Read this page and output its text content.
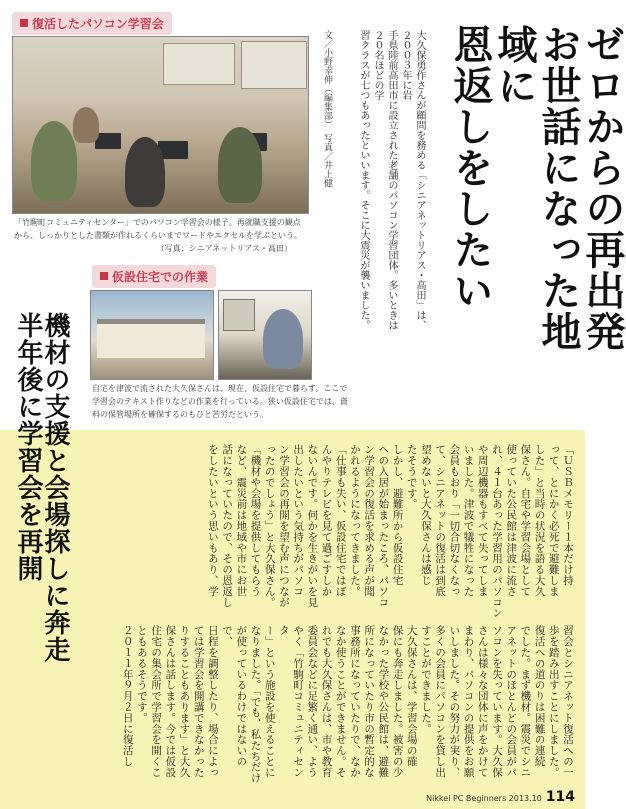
復活したパソコン学習会
「竹駒町コミュニティセンター」でのパソコン学習会の様子。再就職支援の観点
から、しっかりとした書類が作れるくらいまでワードやエクセルを学ぶという。
（写真：シニアネットリアス・高田）
仮設住宅での作業
自宅を津波で流された大久保さんは、現在、仮設住宅で暮らす。ここで
学習会のテキスト作りなどの作業を行っている。狭い仮設住宅では、資
料の保管場所を確保するのもひと苦労だという。
大久保勇作さんが顧問を務める「シニアネットリアス・高田」は、２００３年に岩
手県陸前高田市に設立された老舗のパソコン学習団体。多いときは２０名ほどの学
習クラスが七つもあったといいます。そこに大震災が襲いました。
文／小野幸伸（編集部）　写真／井上健	ゼロからの再出発
お世話になった地域に
恩返しをしたい
機材の支援と会場探しに奔走
半年後に学習会を再開	「ＵＳＢメモリー１本だけ持
って、とにかく必死で避難しま
した」と当時の状況を語る大久
保さん。自宅や学習会場として
使っていた公民館は津波に流さ
れ、４１台あった学習用のパソコン
や周辺機器もすべて失ってしま
いました。津波で犠牲になった
会員もおり「一切合切なくなっ
て、シニアネットの復活は到底
望めないと大久保さんは感じ
たそうです。
しかし、避難所から仮設住宅
への入居が始まったころ、パソコ
ン学習会の復活を求める声が聞
かれるようになってきました。
「仕事も失い、仮設住宅ではぼ
んやりテレビを見て過ごすしか
ないんです。何かを生きがいを見
出したいという気持ちがパソコ
ン学習会の再開を望む声につなが
ったのでしょう」と大久保さん。
「機材や会場を提供してもらう
など、震災前は地域や市にお世
話になっていたので、その恩返し
をしたいという思いもあり、学
習会とシニアネット復活への一
歩を踏み出すことにしました。
復活への道のりは困難の連続
でした。まず機材。震災でシニ
アネットのほとんどの会員がパ
ソコンを失っています。大久保
さんは様々な団体に声をかけて
まわり、パソコンの提供をお願
いしました。その努力が実り、
多くの会員にパソコンを貸し出
すことができました。
大久保さんは、学習会場の確
保にも奔走しました。被害の少
なかった学校や公民館は、避難
所になっていたり市の暫定的な
事務所になっていたりで、なか
なか使うことができません。そ
れでも大久保さんは、市や教育
委員会などに足繁く通い、よう
やく「竹駒町コミュニティセンタ
ー」という施設を使えることに
なりました。「でも、私たちだけ
が使っているわけではないので、
日程を調整したり、場合によっ
ては学習会を開講できなかった
りすることもあります」と大久
保さんは話します。今では仮設
住宅の集会所で学習会を開くこ
ともあるそうです。
２０１１年９月２日に復活し
Nikkei PC Beginners 2013.10 114
